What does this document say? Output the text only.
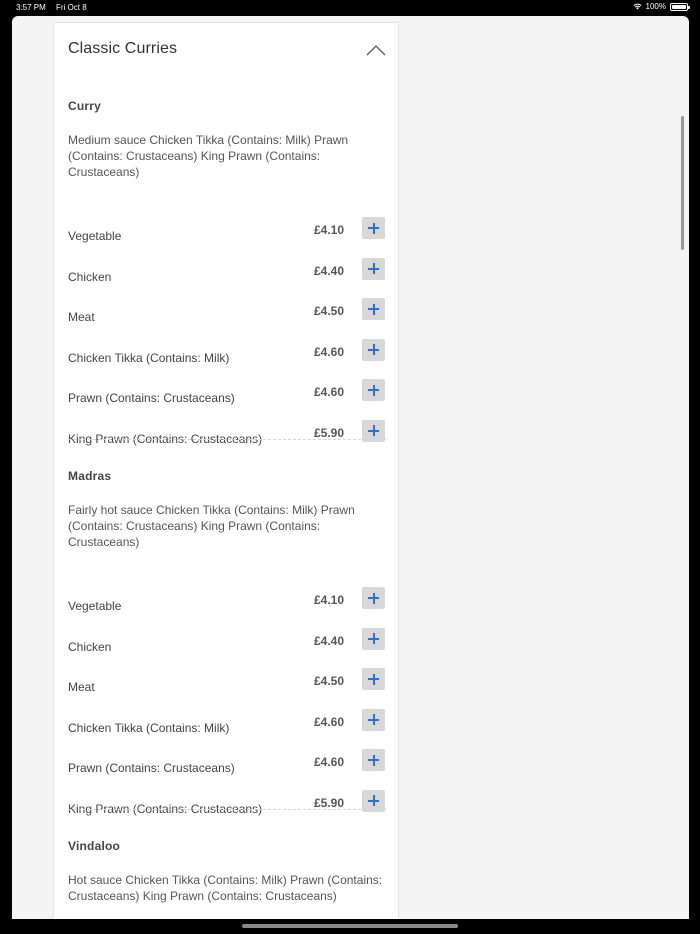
3:57 PM Fri Oct 8	100%
Classic Curries
Curry
Medium sauce Chicken Tikka (Contains: Milk) Prawn (Contains: Crustaceans) King Prawn (Contains: Crustaceans)
Vegetable	£4.10
Chicken	£4.40
Meat	£4.50
Chicken Tikka (Contains: Milk)	£4.60
Prawn (Contains: Crustaceans)	£4.60
King Prawn (Contains: Crustaceans)	£5.90
Madras
Fairly hot sauce Chicken Tikka (Contains: Milk) Prawn (Contains: Crustaceans) King Prawn (Contains: Crustaceans)
Vegetable	£4.10
Chicken	£4.40
Meat	£4.50
Chicken Tikka (Contains: Milk)	£4.60
Prawn (Contains: Crustaceans)	£4.60
King Prawn (Contains: Crustaceans)	£5.90
Vindaloo
Hot sauce Chicken Tikka (Contains: Milk) Prawn (Contains: Crustaceans) King Prawn (Contains: Crustaceans)
